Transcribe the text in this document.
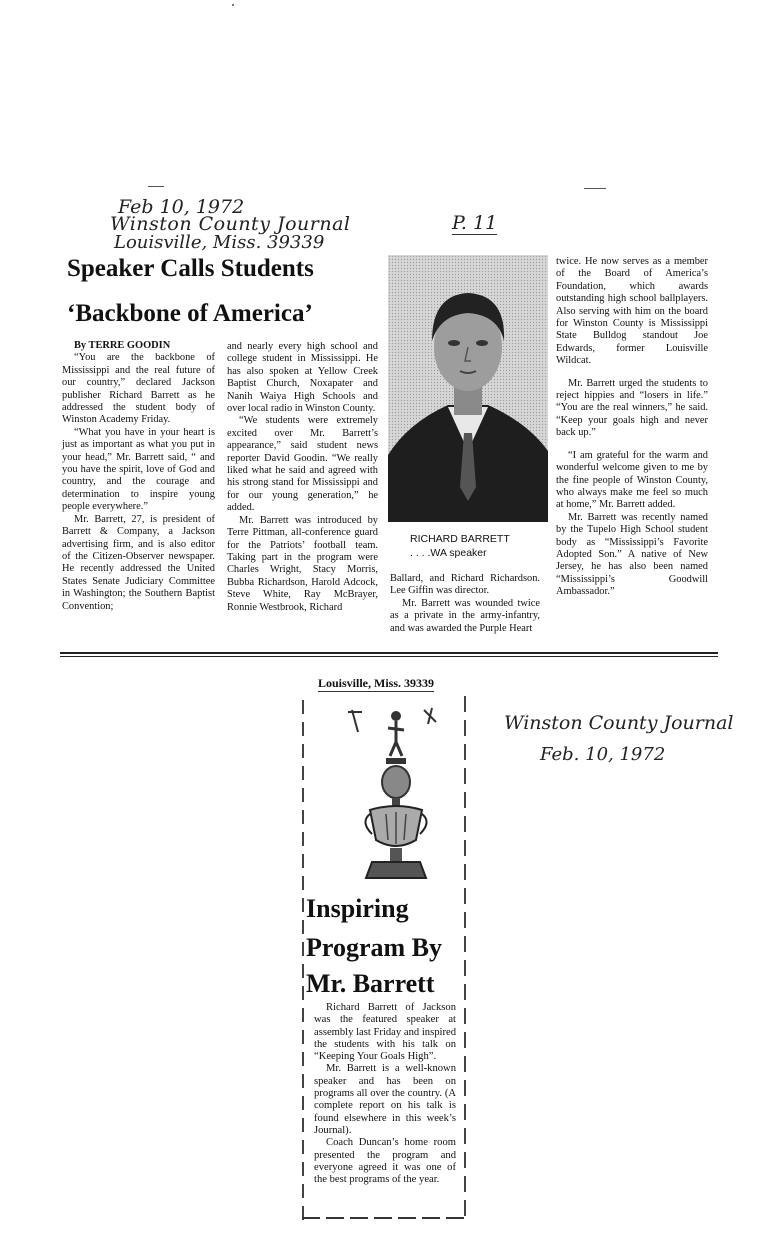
Feb 10, 1972
Winston County Journal
Louisville, Miss. 39339
P. 11
Speaker Calls Students
‘Backbone of America’

By TERRE GOODIN

“You are the backbone of Mississippi and the real future of our country,” declared Jackson publisher Richard Barrett as he addressed the student body of Winston Academy Friday.

“What you have in your heart is just as important as what you put in your head,” Mr. Barrett said, “ and you have the spirit, love of God and country, and the courage and determination to inspire young people everywhere.”

Mr. Barrett, 27, is president of Barrett & Company, a Jackson advertising firm, and is also editor of the Citizen-Observer newspaper. He recently addressed the United States Senate Judiciary Committee in Washington; the Southern Baptist Convention;

and nearly every high school and college student in Mississippi. He has also spoken at Yellow Creek Baptist Church, Noxapater and Nanih Waiya High Schools and over local radio in Winston County.

“We students were extremely excited over Mr. Barrett’s appearance,” said student news reporter David Goodin. “We really liked what he said and agreed with his strong stand for Mississippi and for our young generation,” he added.

Mr. Barrett was introduced by Terre Pittman, all-conference guard for the Patriots’ football team. Taking part in the program were Charles Wright, Stacy Morris, Bubba Richardson, Harold Adcock, Steve White, Ray McBrayer, Ronnie Westbrook, Richard

RICHARD BARRETT
. . . .WA speaker

Ballard, and Richard Richardson. Lee Giffin was director.

Mr. Barrett was wounded twice as a private in the army-infantry, and was awarded the Purple Heart

twice. He now serves as a member of the Board of America’s Foundation, which awards outstanding high school ballplayers. Also serving with him on the board for Winston County is Mississippi State Bulldog standout Joe Edwards, former Louisville Wildcat.

Mr. Barrett urged the students to reject hippies and “losers in life.” “You are the real winners,” he said. “Keep your goals high and never back up.”

“I am grateful for the warm and wonderful welcome given to me by the fine people of Winston County, who always make me feel so much at home,” Mr. Barrett added.

Mr. Barrett was recently named by the Tupelo High School student body as “Mississippi’s Favorite Adopted Son.” A native of New Jersey, he has also been named “Mississippi’s Goodwill Ambassador.”

Louisville, Miss. 39339
Inspiring
Program By
Mr. Barrett

Richard Barrett of Jackson was the featured speaker at assembly last Friday and inspired the students with his talk on “Keeping Your Goals High”.

Mr. Barrett is a well-known speaker and has been on programs all over the country. (A complete report on his talk is found elsewhere in this week’s Journal).

Coach Duncan’s home room presented the program and everyone agreed it was one of the best programs of the year.

Winston County Journal
Feb. 10, 1972
